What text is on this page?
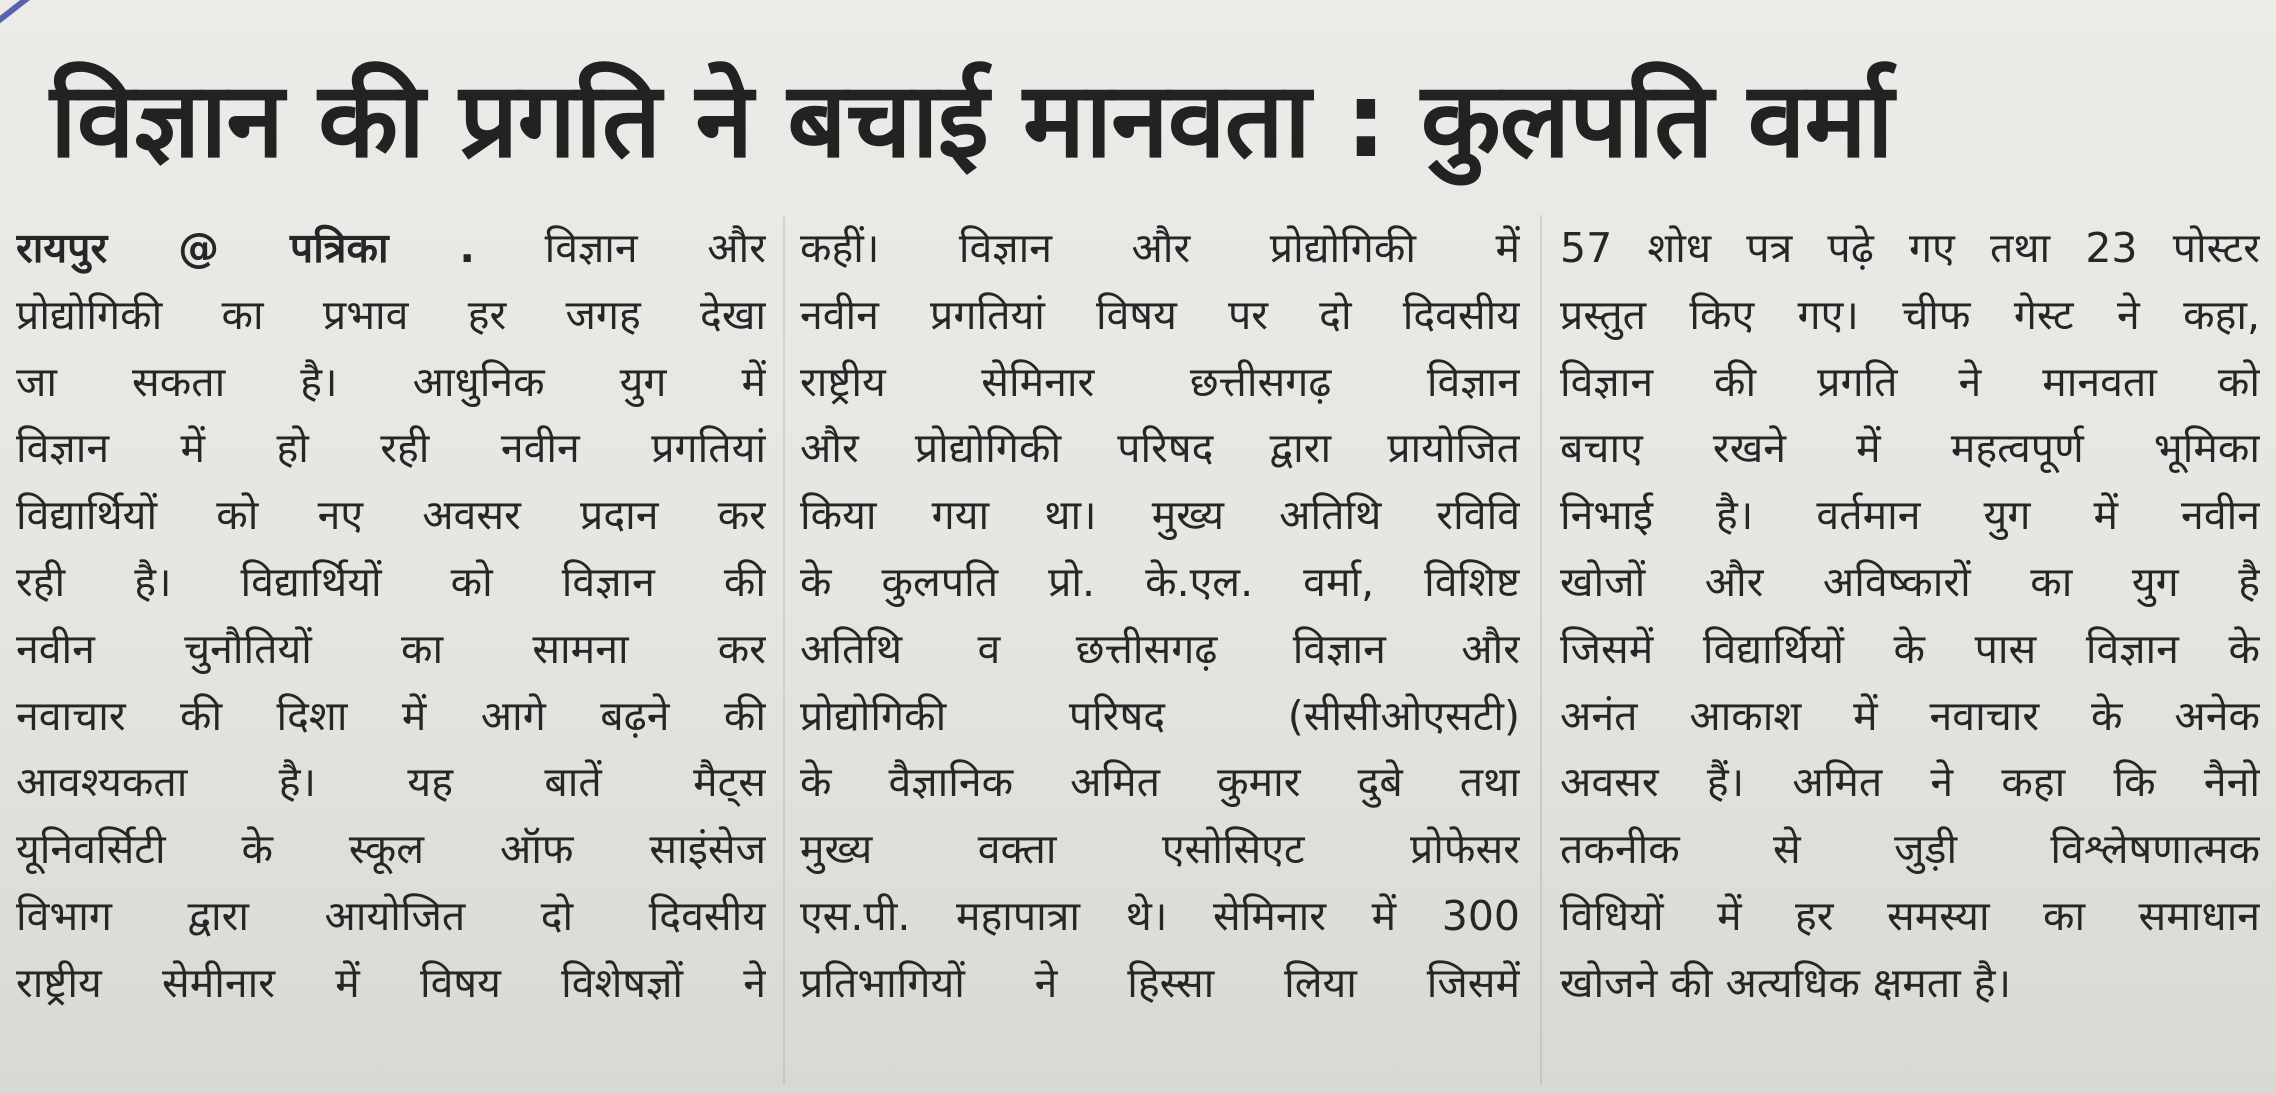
विज्ञान की प्रगति ने बचाई मानवता : कुलपति वर्मा
रायपुर @ पत्रिका . विज्ञान और
प्रोद्योगिकी का प्रभाव हर जगह देखा
जा सकता है। आधुनिक युग में
विज्ञान में हो रही नवीन प्रगतियां
विद्यार्थियों को नए अवसर प्रदान कर
रही है। विद्यार्थियों को विज्ञान की
नवीन चुनौतियों का सामना कर
नवाचार की दिशा में आगे बढ़ने की
आवश्यकता है। यह बातें मैट्स
यूनिवर्सिटी के स्कूल ऑफ साइंसेज
विभाग द्वारा आयोजित दो दिवसीय
राष्ट्रीय सेमीनार में विषय विशेषज्ञों ने
कहीं। विज्ञान और प्रोद्योगिकी में
नवीन प्रगतियां विषय पर दो दिवसीय
राष्ट्रीय सेमिनार छत्तीसगढ़ विज्ञान
और प्रोद्योगिकी परिषद द्वारा प्रायोजित
किया गया था। मुख्य अतिथि रविवि
के कुलपति प्रो. के.एल. वर्मा, विशिष्ट
अतिथि व छत्तीसगढ़ विज्ञान और
प्रोद्योगिकी परिषद (सीसीओएसटी)
के वैज्ञानिक अमित कुमार दुबे तथा
मुख्य वक्ता एसोसिएट प्रोफेसर
एस.पी. महापात्रा थे। सेमिनार में 300
प्रतिभागियों ने हिस्सा लिया जिसमें
57 शोध पत्र पढ़े गए तथा 23 पोस्टर
प्रस्तुत किए गए। चीफ गेस्ट ने कहा,
विज्ञान की प्रगति ने मानवता को
बचाए रखने में महत्वपूर्ण भूमिका
निभाई है। वर्तमान युग में नवीन
खोजों और अविष्कारों का युग है
जिसमें विद्यार्थियों के पास विज्ञान के
अनंत आकाश में नवाचार के अनेक
अवसर हैं। अमित ने कहा कि नैनो
तकनीक से जुड़ी विश्लेषणात्मक
विधियों में हर समस्या का समाधान
खोजने की अत्यधिक क्षमता है।
